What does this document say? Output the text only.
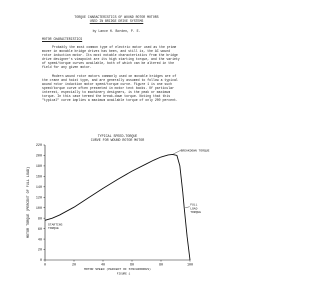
TORQUE CHARACTERISTICS OF WOUND ROTOR MOTORS
USED IN BRIDGE DRIVE SYSTEMS
by Lance H. Borden, P. E.
MOTOR CHARACTERISTICS
Probably the most common type of electric motor used as the prime
mover in movable bridge drives has been, and still is, the AC wound
rotor induction motor. Its most notable characteristics from the bridge
drive designer's viewpoint are its high starting torque, and the variety
of speed/torque curves available, both of which can be altered in the
field for any given motor.
Modern wound rotor motors commonly used on movable bridges are of
the crane and hoist type, and are generally assumed to follow a typical
wound rotor induction motor speed/torque curve. Figure 1 is one such
speed/torque curve often presented in motor text books. Of particular
interest, especially to machinery designers, is the peak or maximum
torque. In this case termed the break-down torque. Noting that this
"typical" curve implies a maximum available torque of only 200 percent.
TYPICAL SPEED-TORQUE
CURVE FOR WOUND ROTOR MOTOR
0
20
40
60
80
100
120
140
160
180
200
220
0	20	40	60	80	100
MOTOR SPEED (PERCENT OF SYNCHRONOUS)
MOTOR TORQUE (PERCENT OF FULL LOAD)
BREAKDOWN TORQUE
STARTING
TORQUE
FULL
LOAD
TORQUE
FIGURE 1
